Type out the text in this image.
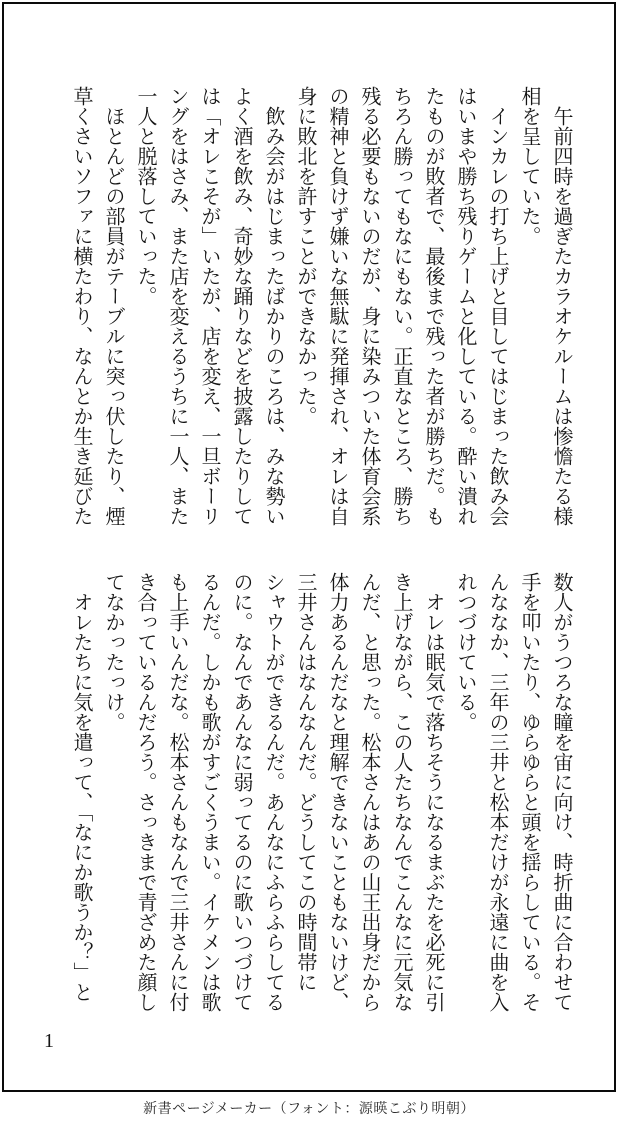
午前四時を過ぎたカラオケルームは惨憺たる様
相を呈していた。
インカレの打ち上げと目してはじまった飲み会
はいまや勝ち残りゲームと化している。酔い潰れ
たものが敗者で、最後まで残った者が勝ちだ。も
ちろん勝ってもなにもない。正直なところ、勝ち
残る必要もないのだが、身に染みついた体育会系
の精神と負けず嫌いな無駄に発揮され、オレは自
身に敗北を許すことができなかった。
飲み会がはじまったばかりのころは、みな勢い
よく酒を飲み、奇妙な踊りなどを披露したりして
は「オレこそが」いたが、店を変え、一旦ボーリ
ングをはさみ、また店を変えるうちに一人、また
一人と脱落していった。
ほとんどの部員がテーブルに突っ伏したり、煙
草くさいソファに横たわり、なんとか生き延びた
数人がうつろな瞳を宙に向け、時折曲に合わせて
手を叩いたり、ゆらゆらと頭を揺らしている。そ
んななか、三年の三井と松本だけが永遠に曲を入
れつづけている。
オレは眠気で落ちそうになるまぶたを必死に引
き上げながら、この人たちなんでこんなに元気な
んだ、と思った。松本さんはあの山王出身だから
体力あるんだなと理解できないこともないけど、
三井さんはなんなんだ。どうしてこの時間帯に
シャウトができるんだ。あんなにふらふらしてる
のに。なんであんなに弱ってるのに歌いつづけて
るんだ。しかも歌がすごくうまい。イケメンは歌
も上手いんだな。松本さんもなんで三井さんに付
き合っているんだろう。さっきまで青ざめた顔し
てなかったっけ。
オレたちに気を遣って、「なにか歌うか？」と
1
新書ページメーカー（フォント：源暎こぶり明朝）
